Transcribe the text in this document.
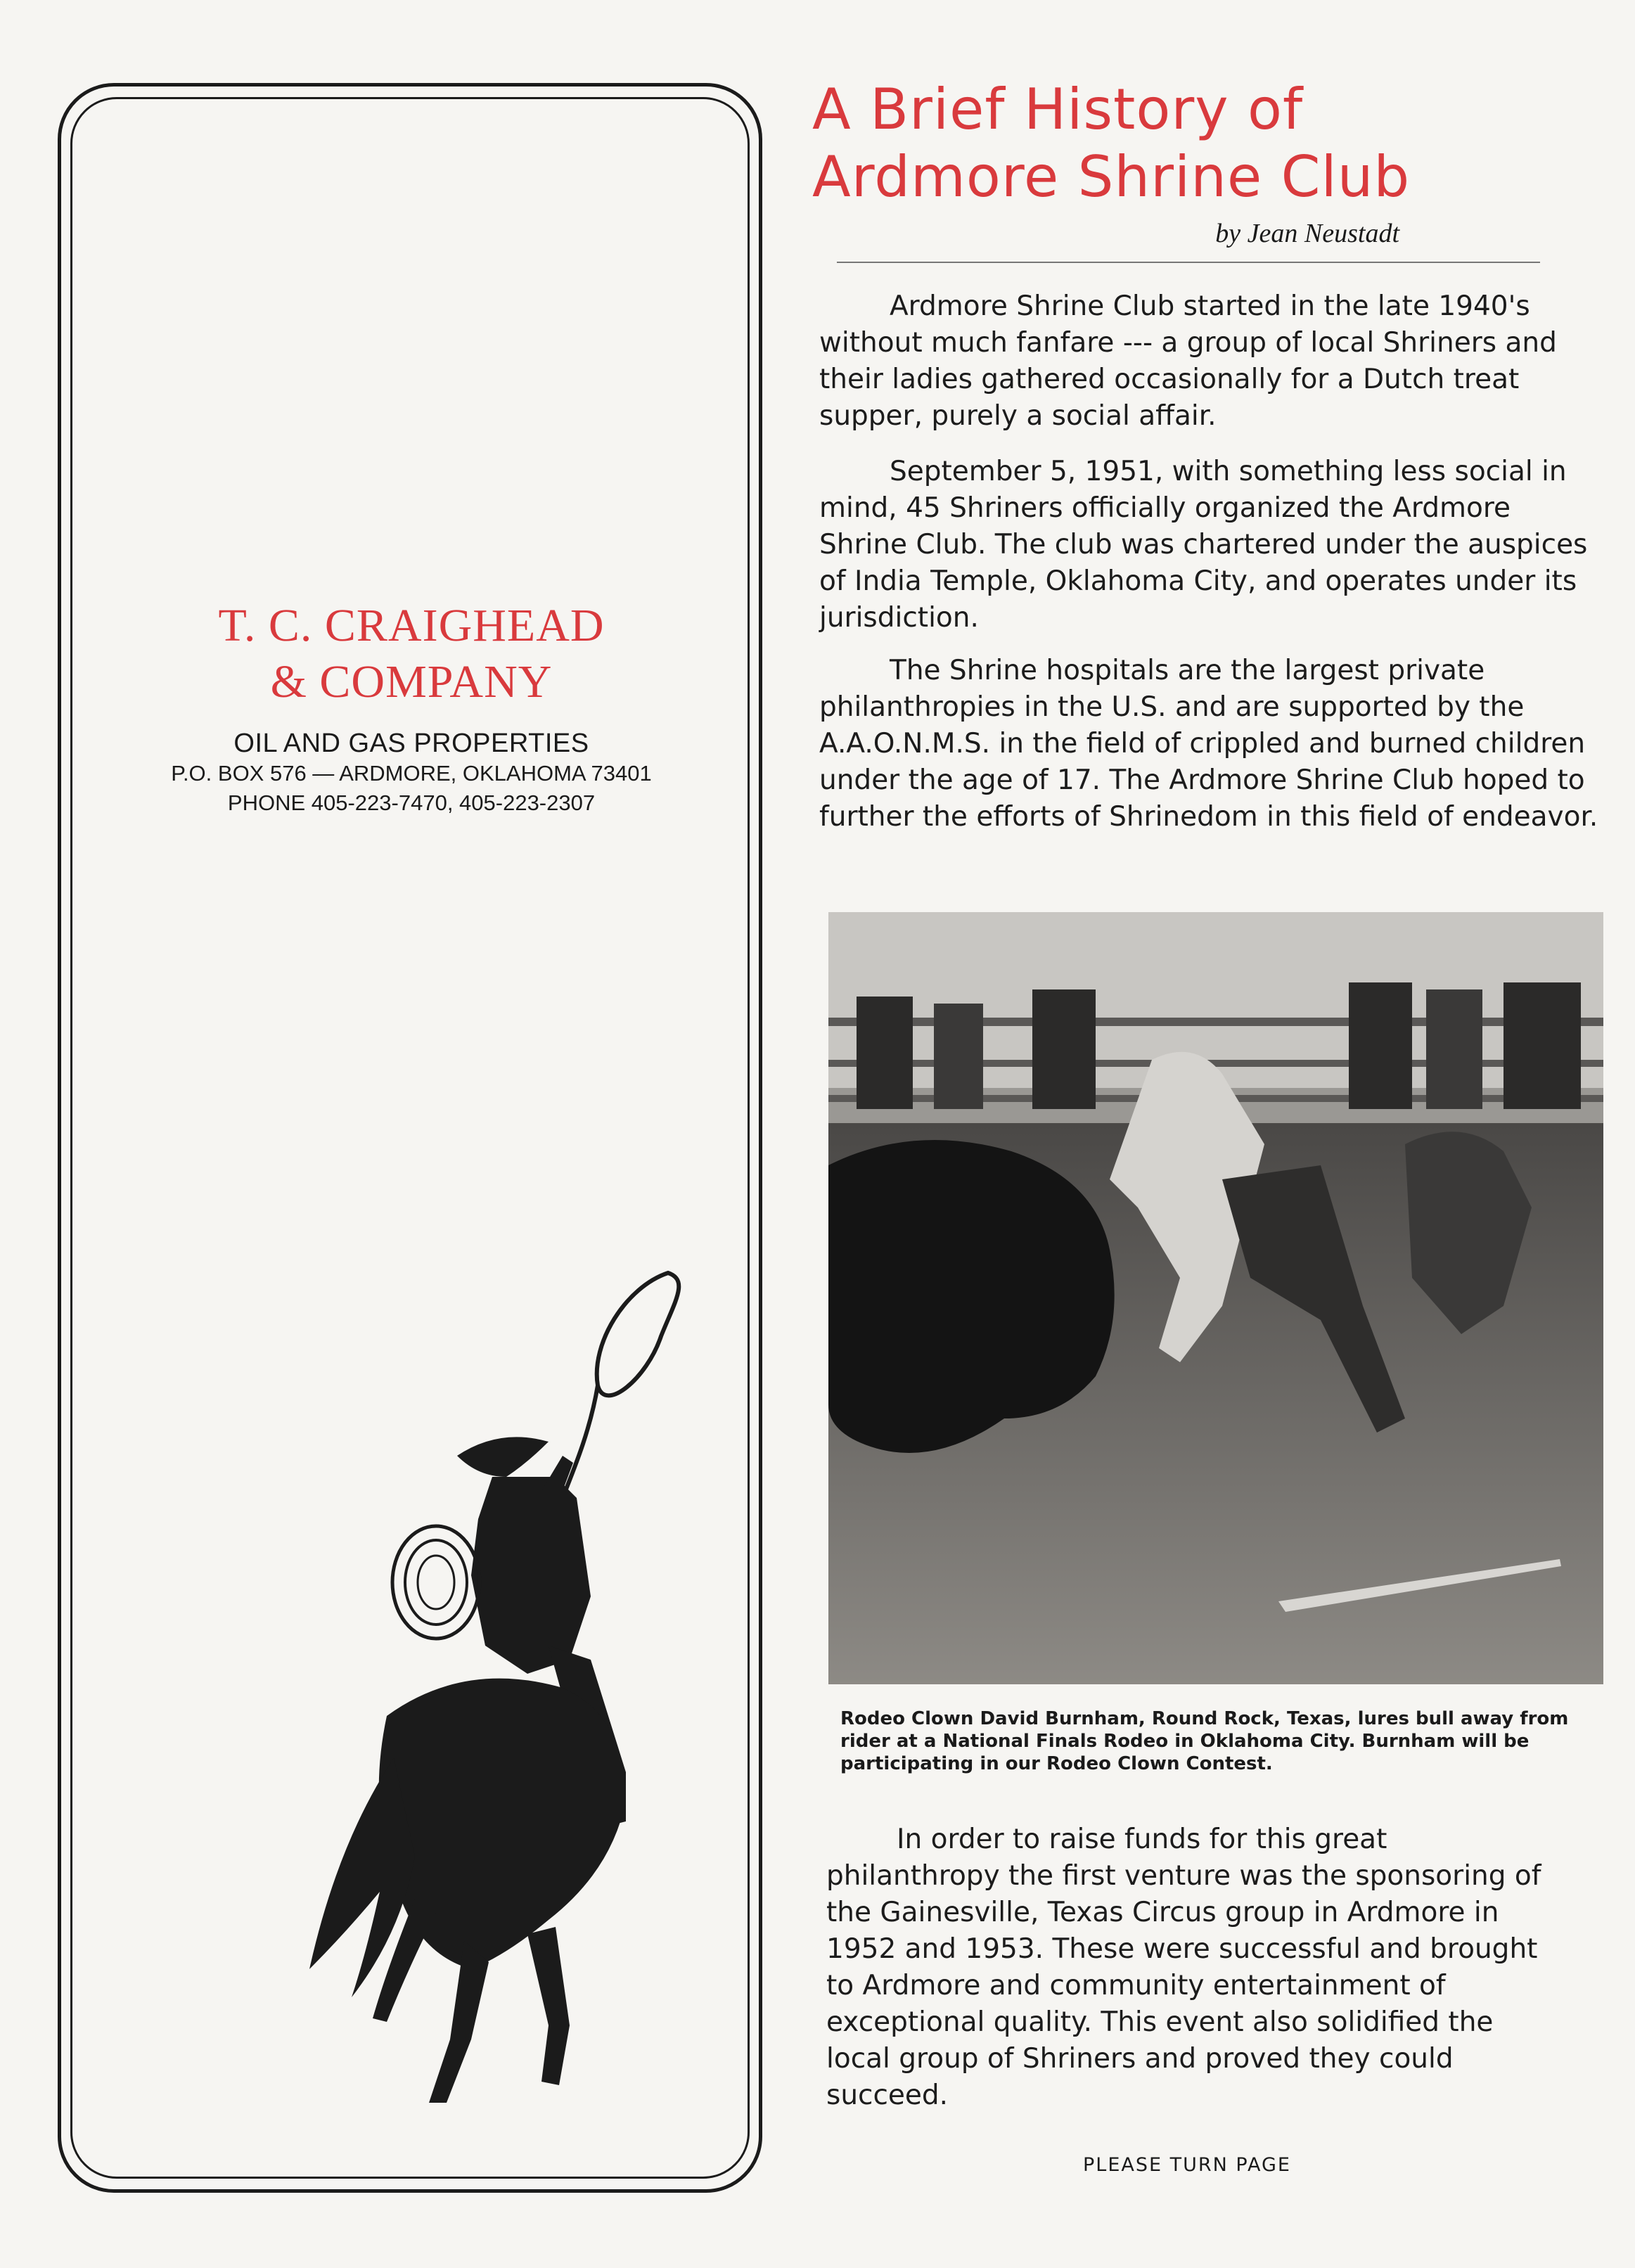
T. C. CRAIGHEAD
& COMPANY
OIL AND GAS PROPERTIES
P.O. BOX 576 — ARDMORE, OKLAHOMA 73401
PHONE 405-223-7470, 405-223-2307
A Brief History of
Ardmore Shrine Club
by Jean Neustadt

Ardmore Shrine Club started in the late 1940's without much fanfare --- a group of local Shriners and their ladies gathered occasionally for a Dutch treat supper, purely a social affair.

September 5, 1951, with something less social in mind, 45 Shriners officially organized the Ardmore Shrine Club. The club was chartered under the auspices of India Temple, Oklahoma City, and operates under its jurisdiction.

The Shrine hospitals are the largest private philanthropies in the U.S. and are supported by the A.A.O.N.M.S. in the field of crippled and burned children under the age of 17. The Ardmore Shrine Club hoped to further the efforts of Shrinedom in this field of endeavor.

Rodeo Clown David Burnham, Round Rock, Texas, lures bull away from rider at a National Finals Rodeo in Oklahoma City. Burnham will be participating in our Rodeo Clown Contest.

In order to raise funds for this great philanthropy the first venture was the sponsoring of the Gainesville, Texas Circus group in Ardmore in 1952 and 1953. These were successful and brought to Ardmore and community entertainment of exceptional quality. This event also solidified the local group of Shriners and proved they could succeed.

PLEASE TURN PAGE
